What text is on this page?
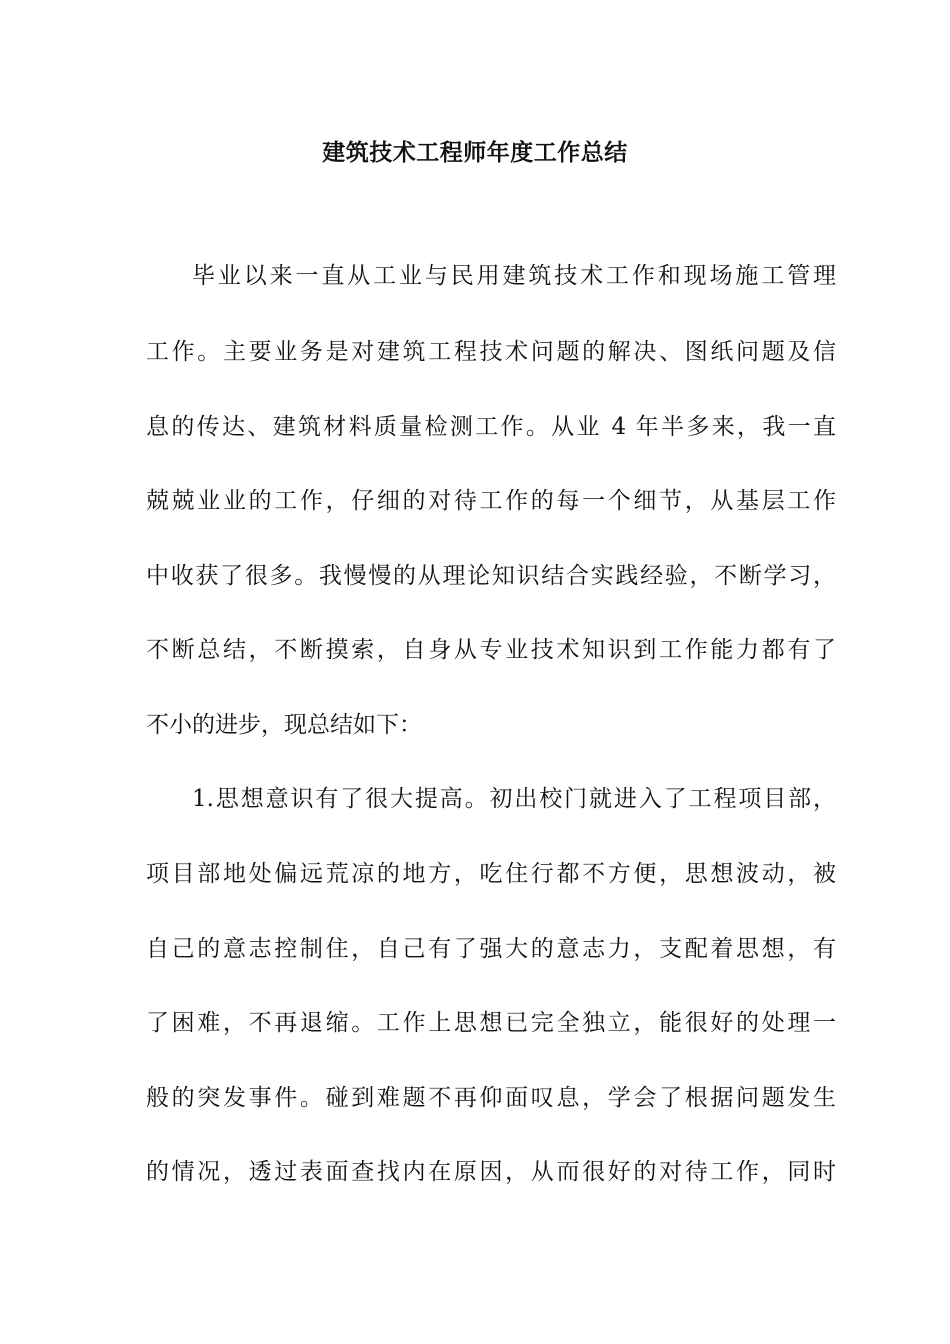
建筑技术工程师年度工作总结
毕业以来一直从工业与民用建筑技术工作和现场施工管理
工作。主要业务是对建筑工程技术问题的解决、图纸问题及信
息的传达、建筑材料质量检测工作。从业 4 年半多来，我一直
兢兢业业的工作，仔细的对待工作的每一个细节，从基层工作
中收获了很多。我慢慢的从理论知识结合实践经验，不断学习，
不断总结，不断摸索，自身从专业技术知识到工作能力都有了
不小的进步，现总结如下：
1.思想意识有了很大提高。初出校门就进入了工程项目部，
项目部地处偏远荒凉的地方，吃住行都不方便，思想波动，被
自己的意志控制住，自己有了强大的意志力，支配着思想，有
了困难，不再退缩。工作上思想已完全独立，能很好的处理一
般的突发事件。碰到难题不再仰面叹息，学会了根据问题发生
的情况，透过表面查找内在原因，从而很好的对待工作，同时
